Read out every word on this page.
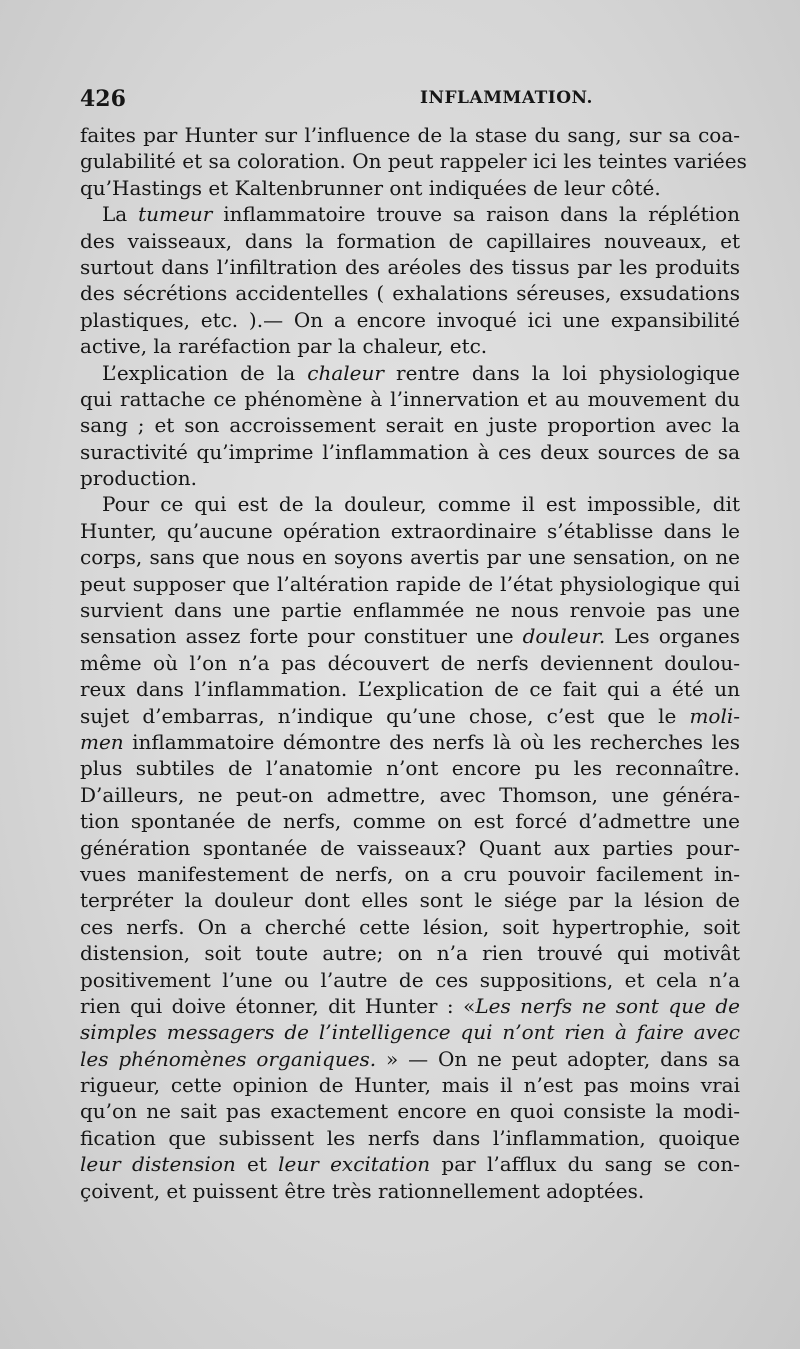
426	INFLAMMATION.
faites par Hunter sur l’influence de la stase du sang, sur sa coa-
gulabilité et sa coloration. On peut rappeler ici les teintes variées
qu’Hastings et Kaltenbrunner ont indiquées de leur côté.
La tumeur inflammatoire trouve sa raison dans la réplétion
des vaisseaux, dans la formation de capillaires nouveaux, et
surtout dans l’infiltration des aréoles des tissus par les produits
des sécrétions accidentelles ( exhalations séreuses, exsudations
plastiques, etc. ).— On a encore invoqué ici une expansibilité
active, la raréfaction par la chaleur, etc.
L’explication de la chaleur rentre dans la loi physiologique
qui rattache ce phénomène à l’innervation et au mouvement du
sang ; et son accroissement serait en juste proportion avec la
suractivité qu’imprime l’inflammation à ces deux sources de sa
production.
Pour ce qui est de la douleur, comme il est impossible, dit
Hunter, qu’aucune opération extraordinaire s’établisse dans le
corps, sans que nous en soyons avertis par une sensation, on ne
peut supposer que l’altération rapide de l’état physiologique qui
survient dans une partie enflammée ne nous renvoie pas une
sensation assez forte pour constituer une douleur. Les organes
même où l’on n’a pas découvert de nerfs deviennent doulou-
reux dans l’inflammation. L’explication de ce fait qui a été un
sujet d’embarras, n’indique qu’une chose, c’est que le moli-
men inflammatoire démontre des nerfs là où les recherches les
plus subtiles de l’anatomie n’ont encore pu les reconnaître.
D’ailleurs, ne peut-on admettre, avec Thomson, une généra-
tion spontanée de nerfs, comme on est forcé d’admettre une
génération spontanée de vaisseaux? Quant aux parties pour-
vues manifestement de nerfs, on a cru pouvoir facilement in-
terpréter la douleur dont elles sont le siége par la lésion de
ces nerfs. On a cherché cette lésion, soit hypertrophie, soit
distension, soit toute autre; on n’a rien trouvé qui motivât
positivement l’une ou l’autre de ces suppositions, et cela n’a
rien qui doive étonner, dit Hunter : «Les nerfs ne sont que de
simples messagers de l’intelligence qui n’ont rien à faire avec
les phénomènes organiques. » — On ne peut adopter, dans sa
rigueur, cette opinion de Hunter, mais il n’est pas moins vrai
qu’on ne sait pas exactement encore en quoi consiste la modi-
fication que subissent les nerfs dans l’inflammation, quoique
leur distension et leur excitation par l’afflux du sang se con-
çoivent, et puissent être très rationnellement adoptées.
